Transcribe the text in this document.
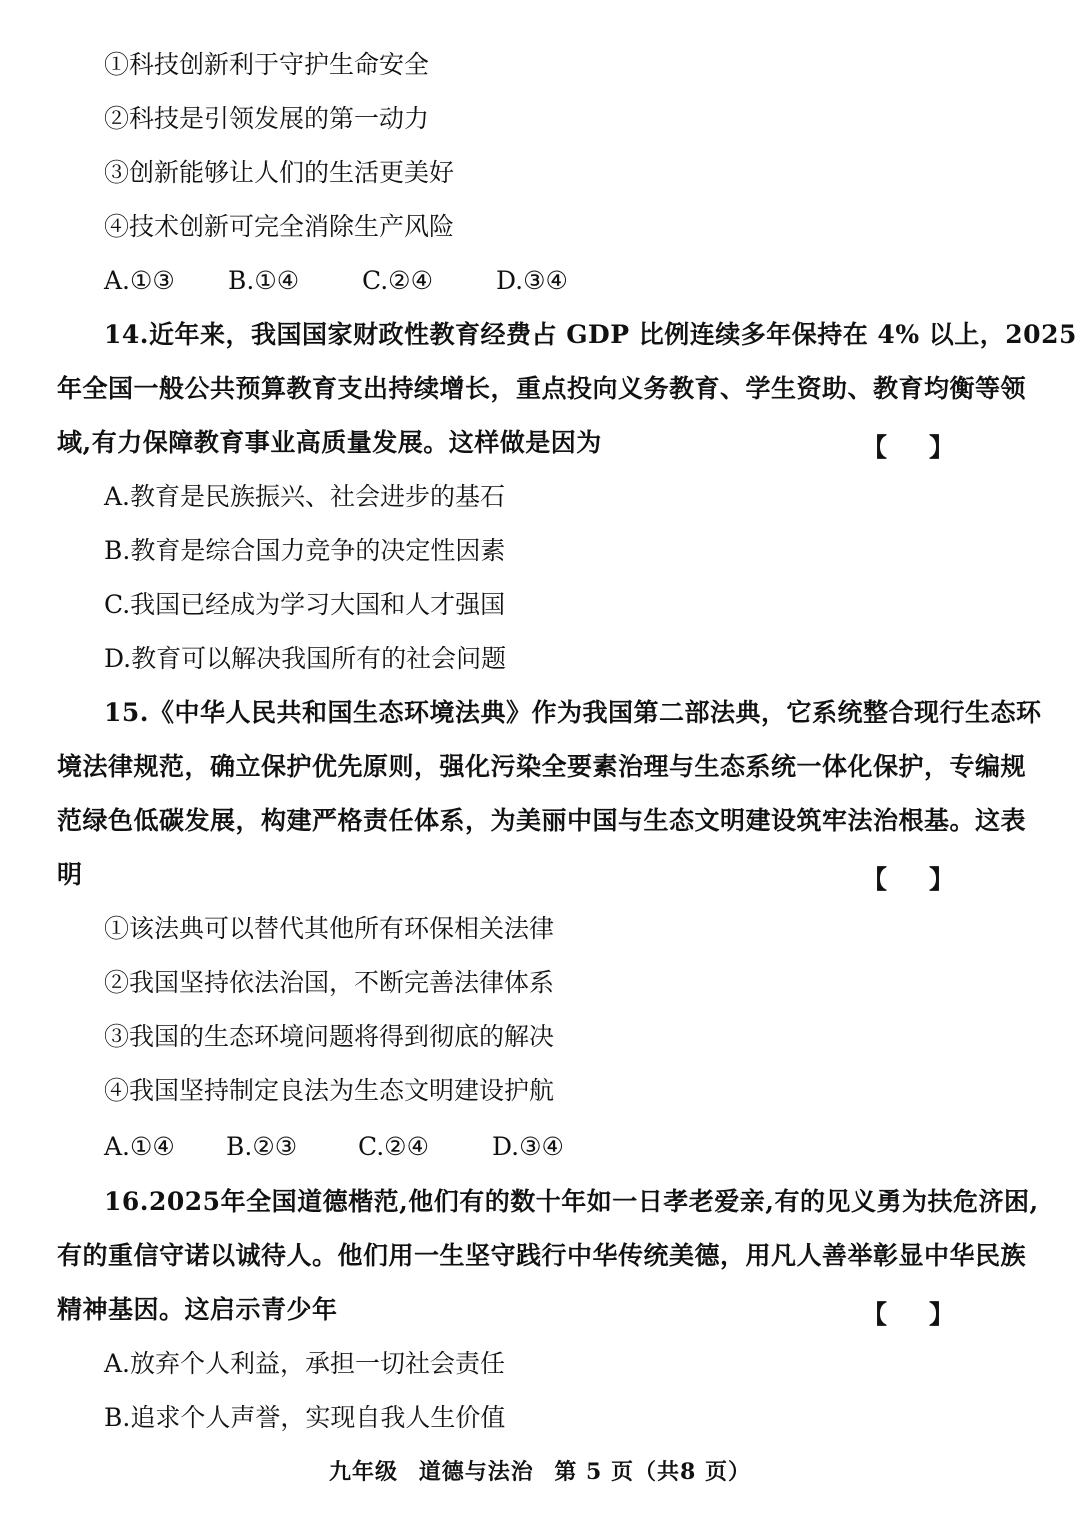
①科技创新利于守护生命安全
②科技是引领发展的第一动力
③创新能够让人们的生活更美好
④技术创新可完全消除生产风险
A.①③ B.①④	C.②④	D.③④
14.近年来，我国国家财政性教育经费占 GDP 比例连续多年保持在 4% 以上，2025
年全国一般公共预算教育支出持续增长，重点投向义务教育、学生资助、教育均衡等领
域,有力保障教育事业高质量发展。这样做是因为	【】
A.教育是民族振兴、社会进步的基石
B.教育是综合国力竞争的决定性因素
C.我国已经成为学习大国和人才强国
D.教育可以解决我国所有的社会问题
15.《中华人民共和国生态环境法典》作为我国第二部法典，它系统整合现行生态环
境法律规范，确立保护优先原则，强化污染全要素治理与生态系统一体化保护，专编规
范绿色低碳发展，构建严格责任体系，为美丽中国与生态文明建设筑牢法治根基。这表
明	【】
①该法典可以替代其他所有环保相关法律
②我国坚持依法治国，不断完善法律体系
③我国的生态环境问题将得到彻底的解决
④我国坚持制定良法为生态文明建设护航
A.①④ B.②③ C.②④	D.③④
16.2025年全国道德楷范,他们有的数十年如一日孝老爱亲,有的见义勇为扶危济困,
有的重信守诺以诚待人。他们用一生坚守践行中华传统美德，用凡人善举彰显中华民族
精神基因。这启示青少年	【】
A.放弃个人利益，承担一切社会责任
B.追求个人声誉，实现自我人生价值
九年级 道德与法治 第 5 页（共8 页）
